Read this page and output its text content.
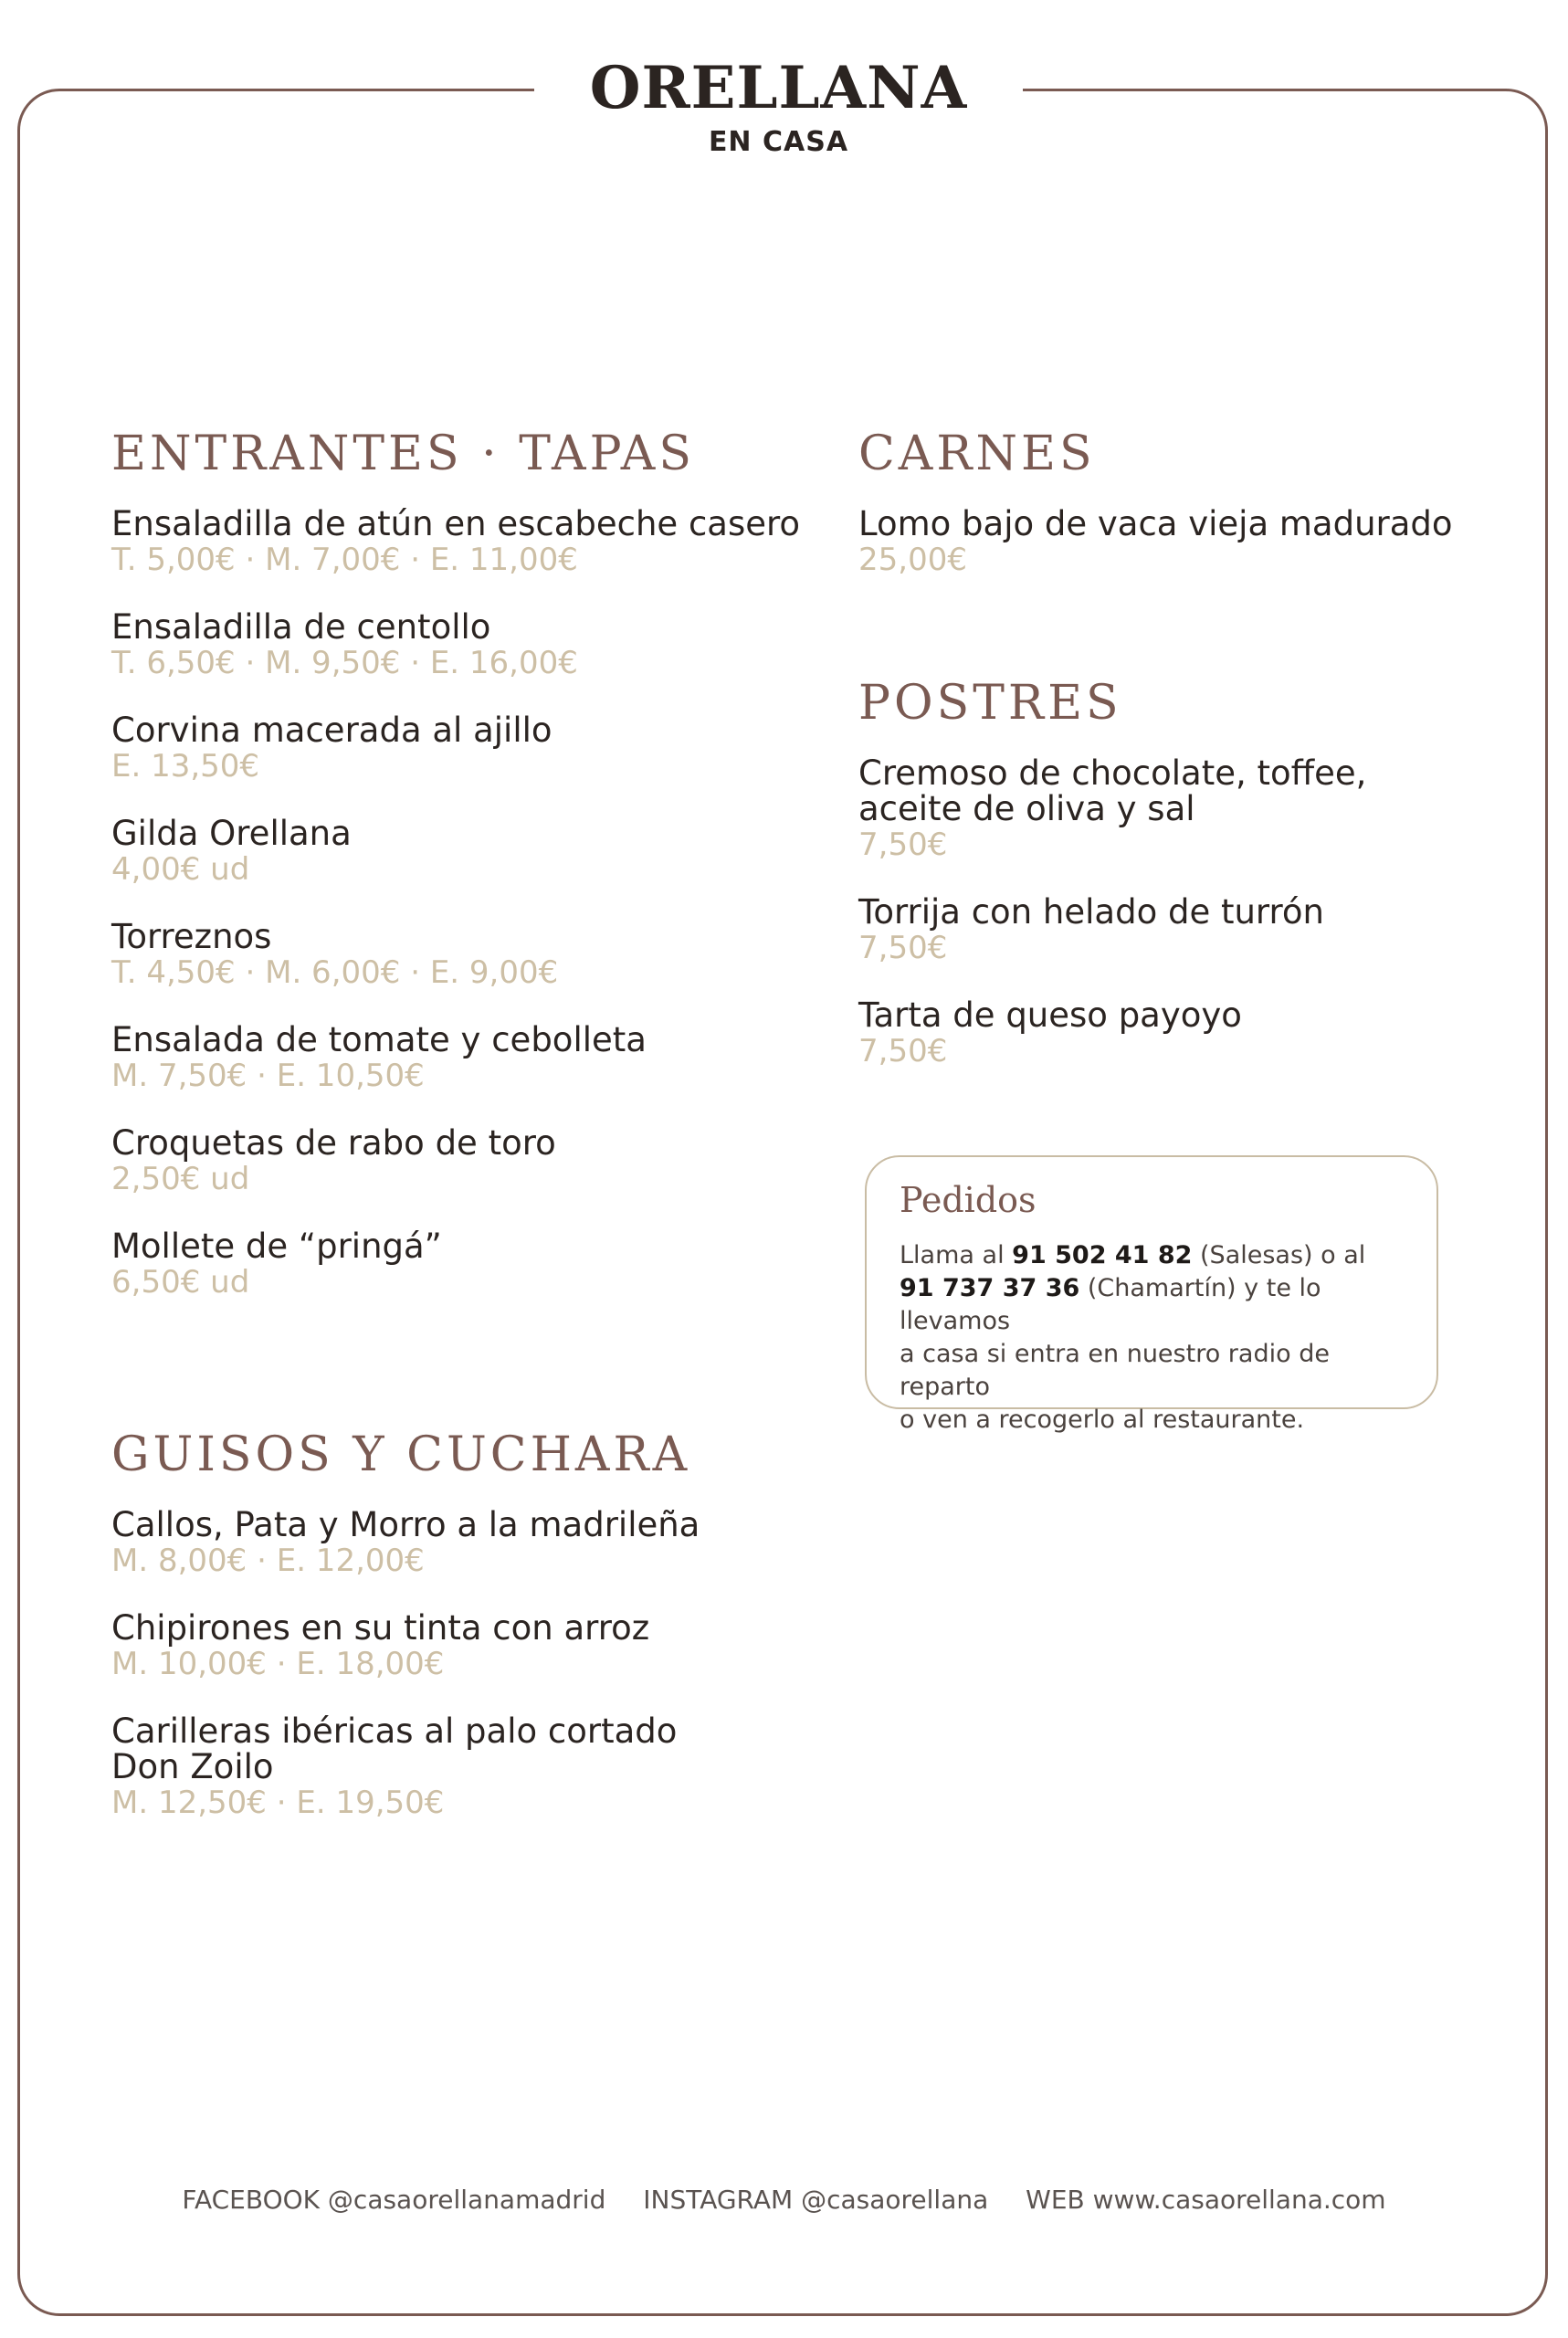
ORELLANA
EN CASA
ENTRANTES · TAPAS
Ensaladilla de atún en escabeche casero
T. 5,00€ · M. 7,00€ · E. 11,00€
Ensaladilla de centollo
T. 6,50€ · M. 9,50€ · E. 16,00€
Corvina macerada al ajillo
E. 13,50€
Gilda Orellana
4,00€ ud
Torreznos
T. 4,50€ · M. 6,00€ · E. 9,00€
Ensalada de tomate y cebolleta
M. 7,50€ · E. 10,50€
Croquetas de rabo de toro
2,50€ ud
Mollete de “pringá”
6,50€ ud
GUISOS Y CUCHARA
Callos, Pata y Morro a la madrileña
M. 8,00€ · E. 12,00€
Chipirones en su tinta con arroz
M. 10,00€ · E. 18,00€
Carilleras ibéricas al palo cortado
Don Zoilo
M. 12,50€ · E. 19,50€
CARNES
Lomo bajo de vaca vieja madurado
25,00€
POSTRES
Cremoso de chocolate, toffee,
aceite de oliva y sal
7,50€
Torrija con helado de turrón
7,50€
Tarta de queso payoyo
7,50€
Pedidos
Llama al 91 502 41 82 (Salesas) o al
91 737 37 36 (Chamartín) y te lo llevamos
a casa si entra en nuestro radio de reparto
o ven a recogerlo al restaurante.
FACEBOOK @casaorellanamadrid INSTAGRAM @casaorellana WEB www.casaorellana.com
